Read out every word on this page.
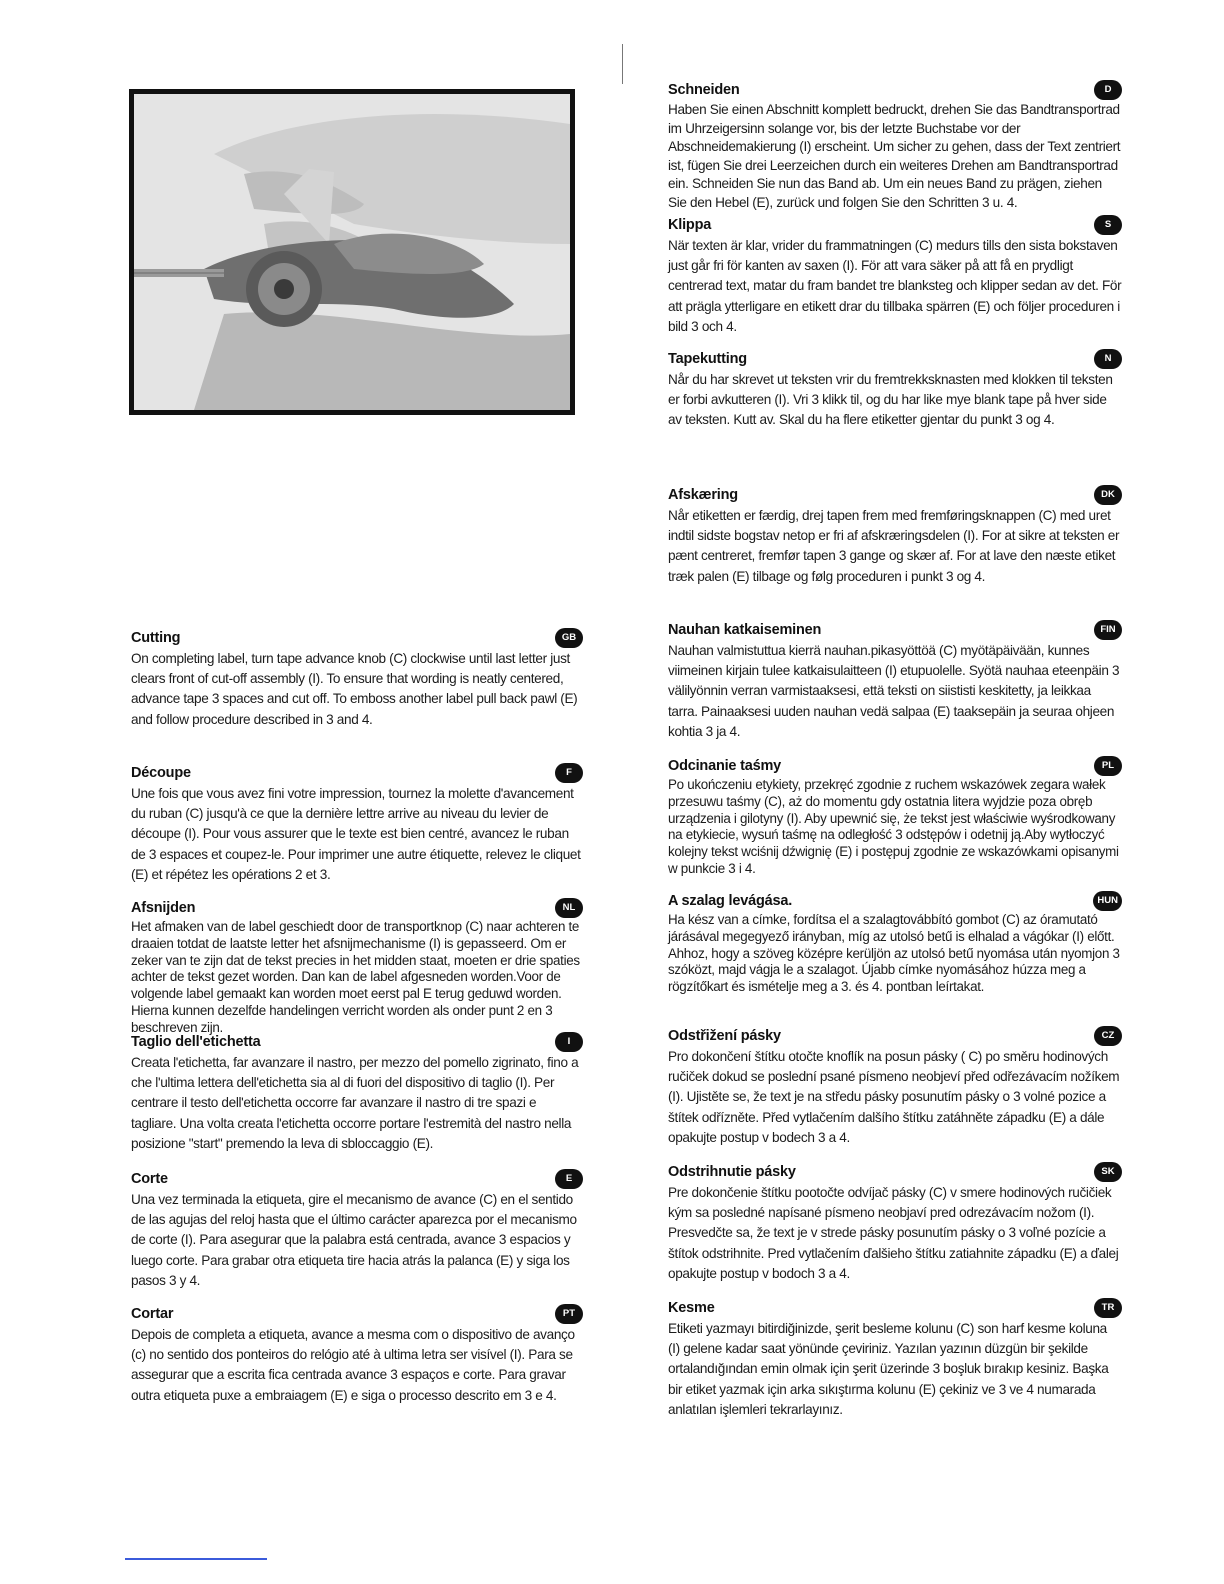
Cutting	GB

On completing label, turn tape advance knob (C) clockwise until last letter just clears front of cut-off assembly (I). To ensure that wording is neatly centered, advance tape 3 spaces and cut off. To emboss another label pull back pawl (E) and follow procedure described in 3 and 4.

Découpe	F

Une fois que vous avez fini votre impression, tournez la molette d'avancement du ruban (C) jusqu'à ce que la dernière lettre arrive au niveau du levier de découpe (I). Pour vous assurer que le texte est bien centré, avancez le ruban de 3 espaces et coupez-le. Pour imprimer une autre étiquette, relevez le cliquet (E) et répétez les opérations 2 et 3.

Afsnijden	NL

Het afmaken van de label geschiedt door de transportknop (C) naar achteren te draaien totdat de laatste letter het afsnijmechanisme (I) is gepasseerd. Om er zeker van te zijn dat de tekst precies in het midden staat, moeten er drie spaties achter de tekst gezet worden. Dan kan de label afgesneden worden.Voor de volgende label gemaakt kan worden moet eerst pal E terug geduwd worden. Hierna kunnen dezelfde handelingen verricht worden als onder punt 2 en 3 beschreven zijn.

Taglio dell'etichetta	I

Creata l'etichetta, far avanzare il nastro, per mezzo del pomello zigrinato, fino a che l'ultima lettera dell'etichetta sia al di fuori del dispositivo di taglio (I). Per centrare il testo dell'etichetta occorre far avanzare il nastro di tre spazi e tagliare. Una volta creata l'etichetta occorre portare l'estremità del nastro nella posizione "start" premendo la leva di sbloccaggio (E).

Corte	E

Una vez terminada la etiqueta, gire el mecanismo de avance (C) en el sentido de las agujas del reloj hasta que el último carácter aparezca por el mecanismo de corte (I). Para asegurar que la palabra está centrada, avance 3 espacios y luego corte. Para grabar otra etiqueta tire hacia atrás la palanca (E) y siga los pasos 3 y 4.

Cortar	PT

Depois de completa a etiqueta, avance a mesma com o dispositivo de avanço (c) no sentido dos ponteiros do relógio até à ultima letra ser visível (I). Para se assegurar que a escrita fica centrada avance 3 espaços e corte. Para gravar outra etiqueta puxe a embraiagem (E) e siga o processo descrito em 3 e 4.

Schneiden	D

Haben Sie einen Abschnitt komplett bedruckt, drehen Sie das Bandtransportrad im Uhrzeigersinn solange vor, bis der letzte Buchstabe vor der Abschneidemakierung (I) erscheint. Um sicher zu gehen, dass der Text zentriert ist, fügen Sie drei Leerzeichen durch ein weiteres Drehen am Bandtransportrad ein. Schneiden Sie nun das Band ab. Um ein neues Band zu prägen, ziehen Sie den Hebel (E), zurück und folgen Sie den Schritten 3 u. 4.

Klippa	S

När texten är klar, vrider du frammatningen (C) medurs tills den sista bokstaven just går fri för kanten av saxen (I). För att vara säker på att få en prydligt centrerad text, matar du fram bandet tre blanksteg och klipper sedan av det. För att prägla ytterligare en etikett drar du tillbaka spärren (E) och följer proceduren i bild 3 och 4.

Tapekutting	N

Når du har skrevet ut teksten vrir du fremtrekksknasten med klokken til teksten er forbi avkutteren (I). Vri 3 klikk til, og du har like mye blank tape på hver side av teksten. Kutt av. Skal du ha flere etiketter gjentar du punkt 3 og 4.

Afskæring	DK

Når etiketten er færdig, drej tapen frem med fremføringsknappen (C) med uret indtil sidste bogstav netop er fri af afskræringsdelen (I). For at sikre at teksten er pænt centreret, fremfør tapen 3 gange og skær af. For at lave den næste etiket træk palen (E) tilbage og følg proceduren i punkt 3 og 4.

Nauhan katkaiseminen	FIN

Nauhan valmistuttua kierrä nauhan.pikasyöttöä (C) myötäpäivään, kunnes viimeinen kirjain tulee katkaisulaitteen (I) etupuolelle. Syötä nauhaa eteenpäin 3 välilyönnin verran varmistaaksesi, että teksti on siististi keskitetty, ja leikkaa tarra. Painaaksesi uuden nauhan vedä salpaa (E) taaksepäin ja seuraa ohjeen kohtia 3 ja 4.

Odcinanie taśmy	PL

Po ukończeniu etykiety, przekręć zgodnie z ruchem wskazówek zegara wałek przesuwu taśmy (C), aż do momentu gdy ostatnia litera wyjdzie poza obręb urządzenia i gilotyny (I). Aby upewnić się, że tekst jest właściwie wyśrodkowany na etykiecie, wysuń taśmę na odległość 3 odstępów i odetnij ją.Aby wytłoczyć kolejny tekst wciśnij dźwignię (E) i postępuj zgodnie ze wskazówkami opisanymi w punkcie 3 i 4.

A szalag levágása.	HUN

Ha kész van a címke, fordítsa el a szalagtovábbító gombot (C) az óramutató járásával megegyező irányban, míg az utolsó betű is elhalad a vágókar (I) előtt. Ahhoz, hogy a szöveg középre kerüljön az utolsó betű nyomása után nyomjon 3 szóközt, majd vágja le a szalagot. Újabb címke nyomásához húzza meg a rögzítőkart és ismételje meg a 3. és 4. pontban leírtakat.

Odstřižení pásky	CZ

Pro dokončení štítku otočte knoflík na posun pásky ( C) po směru hodinových ručiček dokud se poslední psané písmeno neobjeví před odřezávacím nožíkem (I). Ujistěte se, že text je na středu pásky posunutím pásky o 3 volné pozice a štítek odřízněte. Před vytlačením dalšího štítku zatáhněte západku (E) a dále opakujte postup v bodech 3 a 4.

Odstrihnutie pásky	SK

Pre dokončenie štítku pootočte odvíjač pásky (C) v smere hodinových ručičiek kým sa posledné napísané písmeno neobjaví pred odrezávacím nožom (I). Presvedčte sa, že text je v strede pásky posunutím pásky o 3 voľné pozície a štítok odstrihnite. Pred vytlačením ďalšieho štítku zatiahnite západku (E) a ďalej opakujte postup v bodoch 3 a 4.

Kesme	TR

Etiketi yazmayı bitirdiğinizde, şerit besleme kolunu (C) son harf kesme koluna (I) gelene kadar saat yönünde çeviriniz. Yazılan yazının düzgün bir şekilde ortalandığından emin olmak için şerit üzerinde 3 boşluk bırakıp kesiniz. Başka bir etiket yazmak için arka sıkıştırma kolunu (E) çekiniz ve 3 ve 4 numarada anlatılan işlemleri tekrarlayınız.
